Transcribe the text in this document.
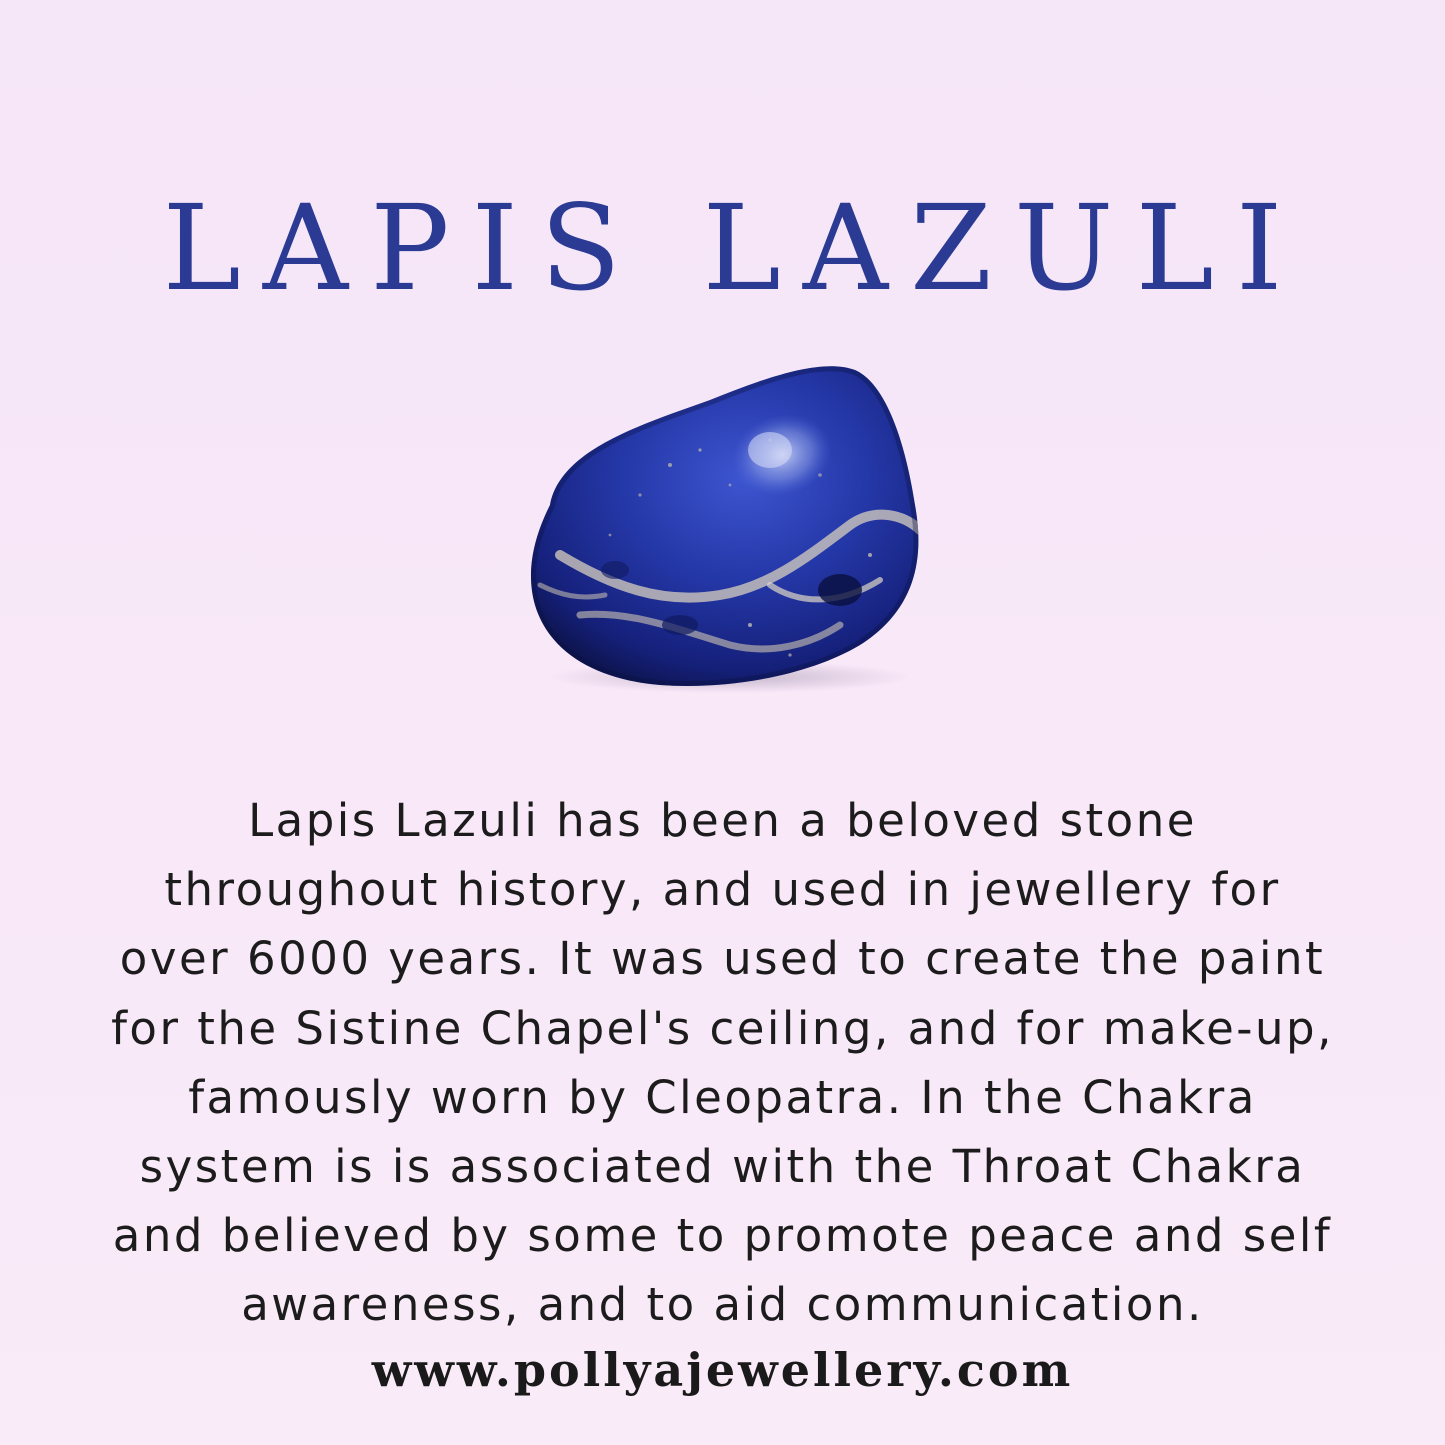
LAPIS LAZULI
Lapis Lazuli has been a beloved stone
throughout history, and used in jewellery for
over 6000 years. It was used to create the paint
for the Sistine Chapel's ceiling, and for make-up,
famously worn by Cleopatra. In the Chakra
system is is associated with the Throat Chakra
and believed by some to promote peace and self
awareness, and to aid communication.
www.pollyajewellery.com
